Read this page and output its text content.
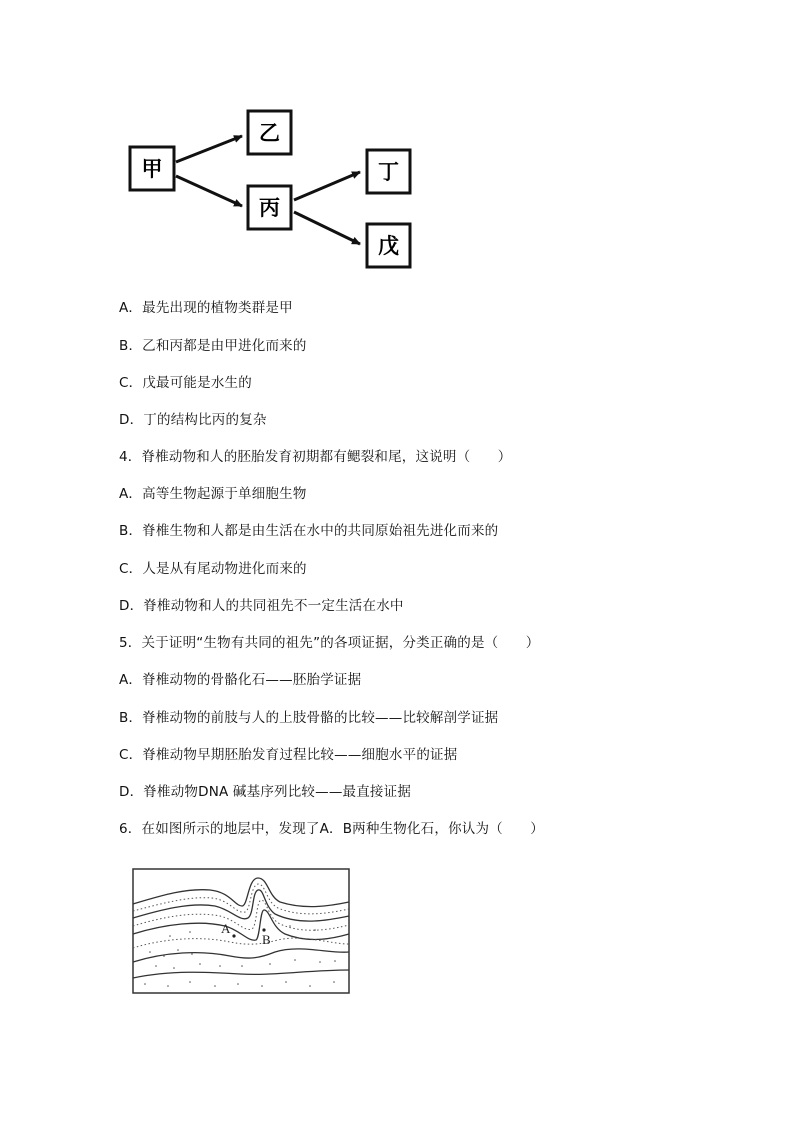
甲
乙
丙
丁
戊
A．最先出现的植物类群是甲
B．乙和丙都是由甲进化而来的
C．戊最可能是水生的
D．丁的结构比丙的复杂
4．脊椎动物和人的胚胎发育初期都有鳃裂和尾，这说明（　　）
A．高等生物起源于单细胞生物
B．脊椎生物和人都是由生活在水中的共同原始祖先进化而来的
C．人是从有尾动物进化而来的
D．脊椎动物和人的共同祖先不一定生活在水中
5．关于证明“生物有共同的祖先”的各项证据，分类正确的是（　　）
A．脊椎动物的骨骼化石——胚胎学证据
B．脊椎动物的前肢与人的上肢骨骼的比较——比较解剖学证据
C．脊椎动物早期胚胎发育过程比较——细胞水平的证据
D．脊椎动物DNA 碱基序列比较——最直接证据
6．在如图所示的地层中，发现了A．B两种生物化石，你认为（　　）
A
B
